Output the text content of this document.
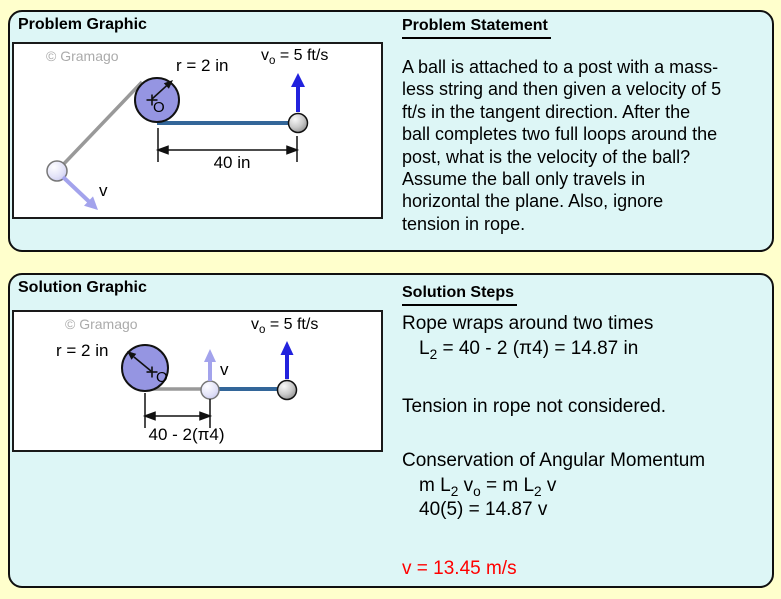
Problem Graphic
© Gramago	r = 2 in
$v_o = 5$ ft/s
O
v
40 in
Problem Statement
A ball is attached to a post with a mass-
less string and then given a velocity of 5
ft/s in the tangent direction. After the
ball completes two full loops around the
post, what is the velocity of the ball?
Assume the ball only travels in
horizontal the plane. Also, ignore
tension in rope.
Solution Graphic
© Gramago
r = 2 in
$v_o = 5$ ft/s
O	v
40 - 2(π4)
Solution Steps
Rope wraps around two times
$L_2 = 40 - 2$ (π4) = 14.87 in
Tension in rope not considered.
Conservation of Angular Momentum
m $L_2$ $v_o = m$ $L_2$ v
40(5) = 14.87 v
v = 13.45 m/s
